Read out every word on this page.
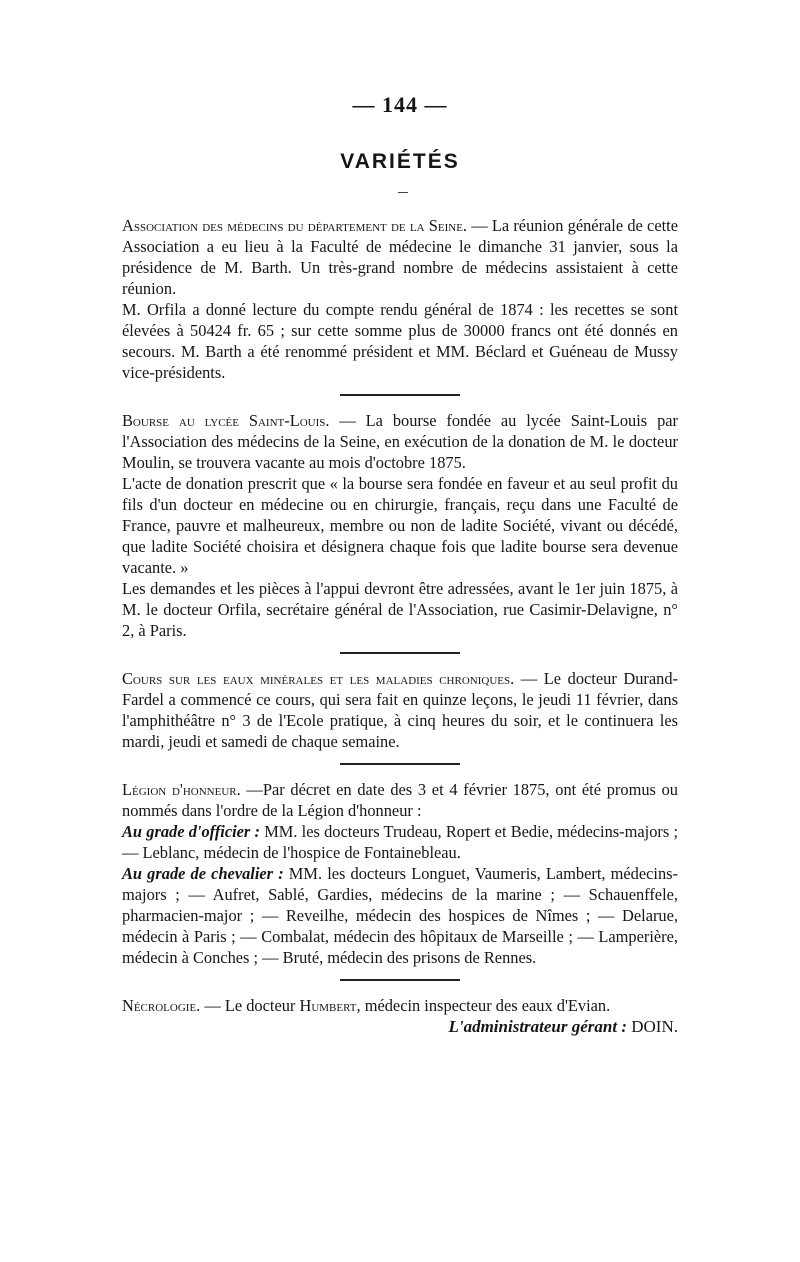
— 144 —
VARIÉTÉS

Association des médecins du département de la Seine. — La réunion générale de cette Association a eu lieu à la Faculté de médecine le dimanche 31 janvier, sous la présidence de M. Barth. Un très-grand nombre de médecins assistaient à cette réunion.

M. Orfila a donné lecture du compte rendu général de 1874 : les recettes se sont élevées à 50424 fr. 65 ; sur cette somme plus de 30000 francs ont été donnés en secours. M. Barth a été renommé président et MM. Béclard et Guéneau de Mussy vice-présidents.

Bourse au lycée Saint-Louis. — La bourse fondée au lycée Saint-Louis par l'Association des médecins de la Seine, en exécution de la donation de M. le docteur Moulin, se trouvera vacante au mois d'octobre 1875.

L'acte de donation prescrit que « la bourse sera fondée en faveur et au seul profit du fils d'un docteur en médecine ou en chirurgie, français, reçu dans une Faculté de France, pauvre et malheureux, membre ou non de ladite Société, vivant ou décédé, que ladite Société choisira et désignera chaque fois que ladite bourse sera devenue vacante. »

Les demandes et les pièces à l'appui devront être adressées, avant le 1er juin 1875, à M. le docteur Orfila, secrétaire général de l'Association, rue Casimir-Delavigne, n° 2, à Paris.

Cours sur les eaux minérales et les maladies chroniques. — Le docteur Durand-Fardel a commencé ce cours, qui sera fait en quinze leçons, le jeudi 11 février, dans l'amphithéâtre n° 3 de l'Ecole pratique, à cinq heures du soir, et le continuera les mardi, jeudi et samedi de chaque semaine.

Légion d'honneur. —Par décret en date des 3 et 4 février 1875, ont été promus ou nommés dans l'ordre de la Légion d'honneur :

Au grade d'officier : MM. les docteurs Trudeau, Ropert et Bedie, médecins-majors ; — Leblanc, médecin de l'hospice de Fontainebleau.

Au grade de chevalier : MM. les docteurs Longuet, Vaumeris, Lambert, médecins-majors ; — Aufret, Sablé, Gardies, médecins de la marine ; — Schauenffele, pharmacien-major ; — Reveilhe, médecin des hospices de Nîmes ; — Delarue, médecin à Paris ; — Combalat, médecin des hôpitaux de Marseille ; — Lamperière, médecin à Conches ; — Bruté, médecin des prisons de Rennes.

Nécrologie. — Le docteur Humbert, médecin inspecteur des eaux d'Evian.

L'administrateur gérant : DOIN.
